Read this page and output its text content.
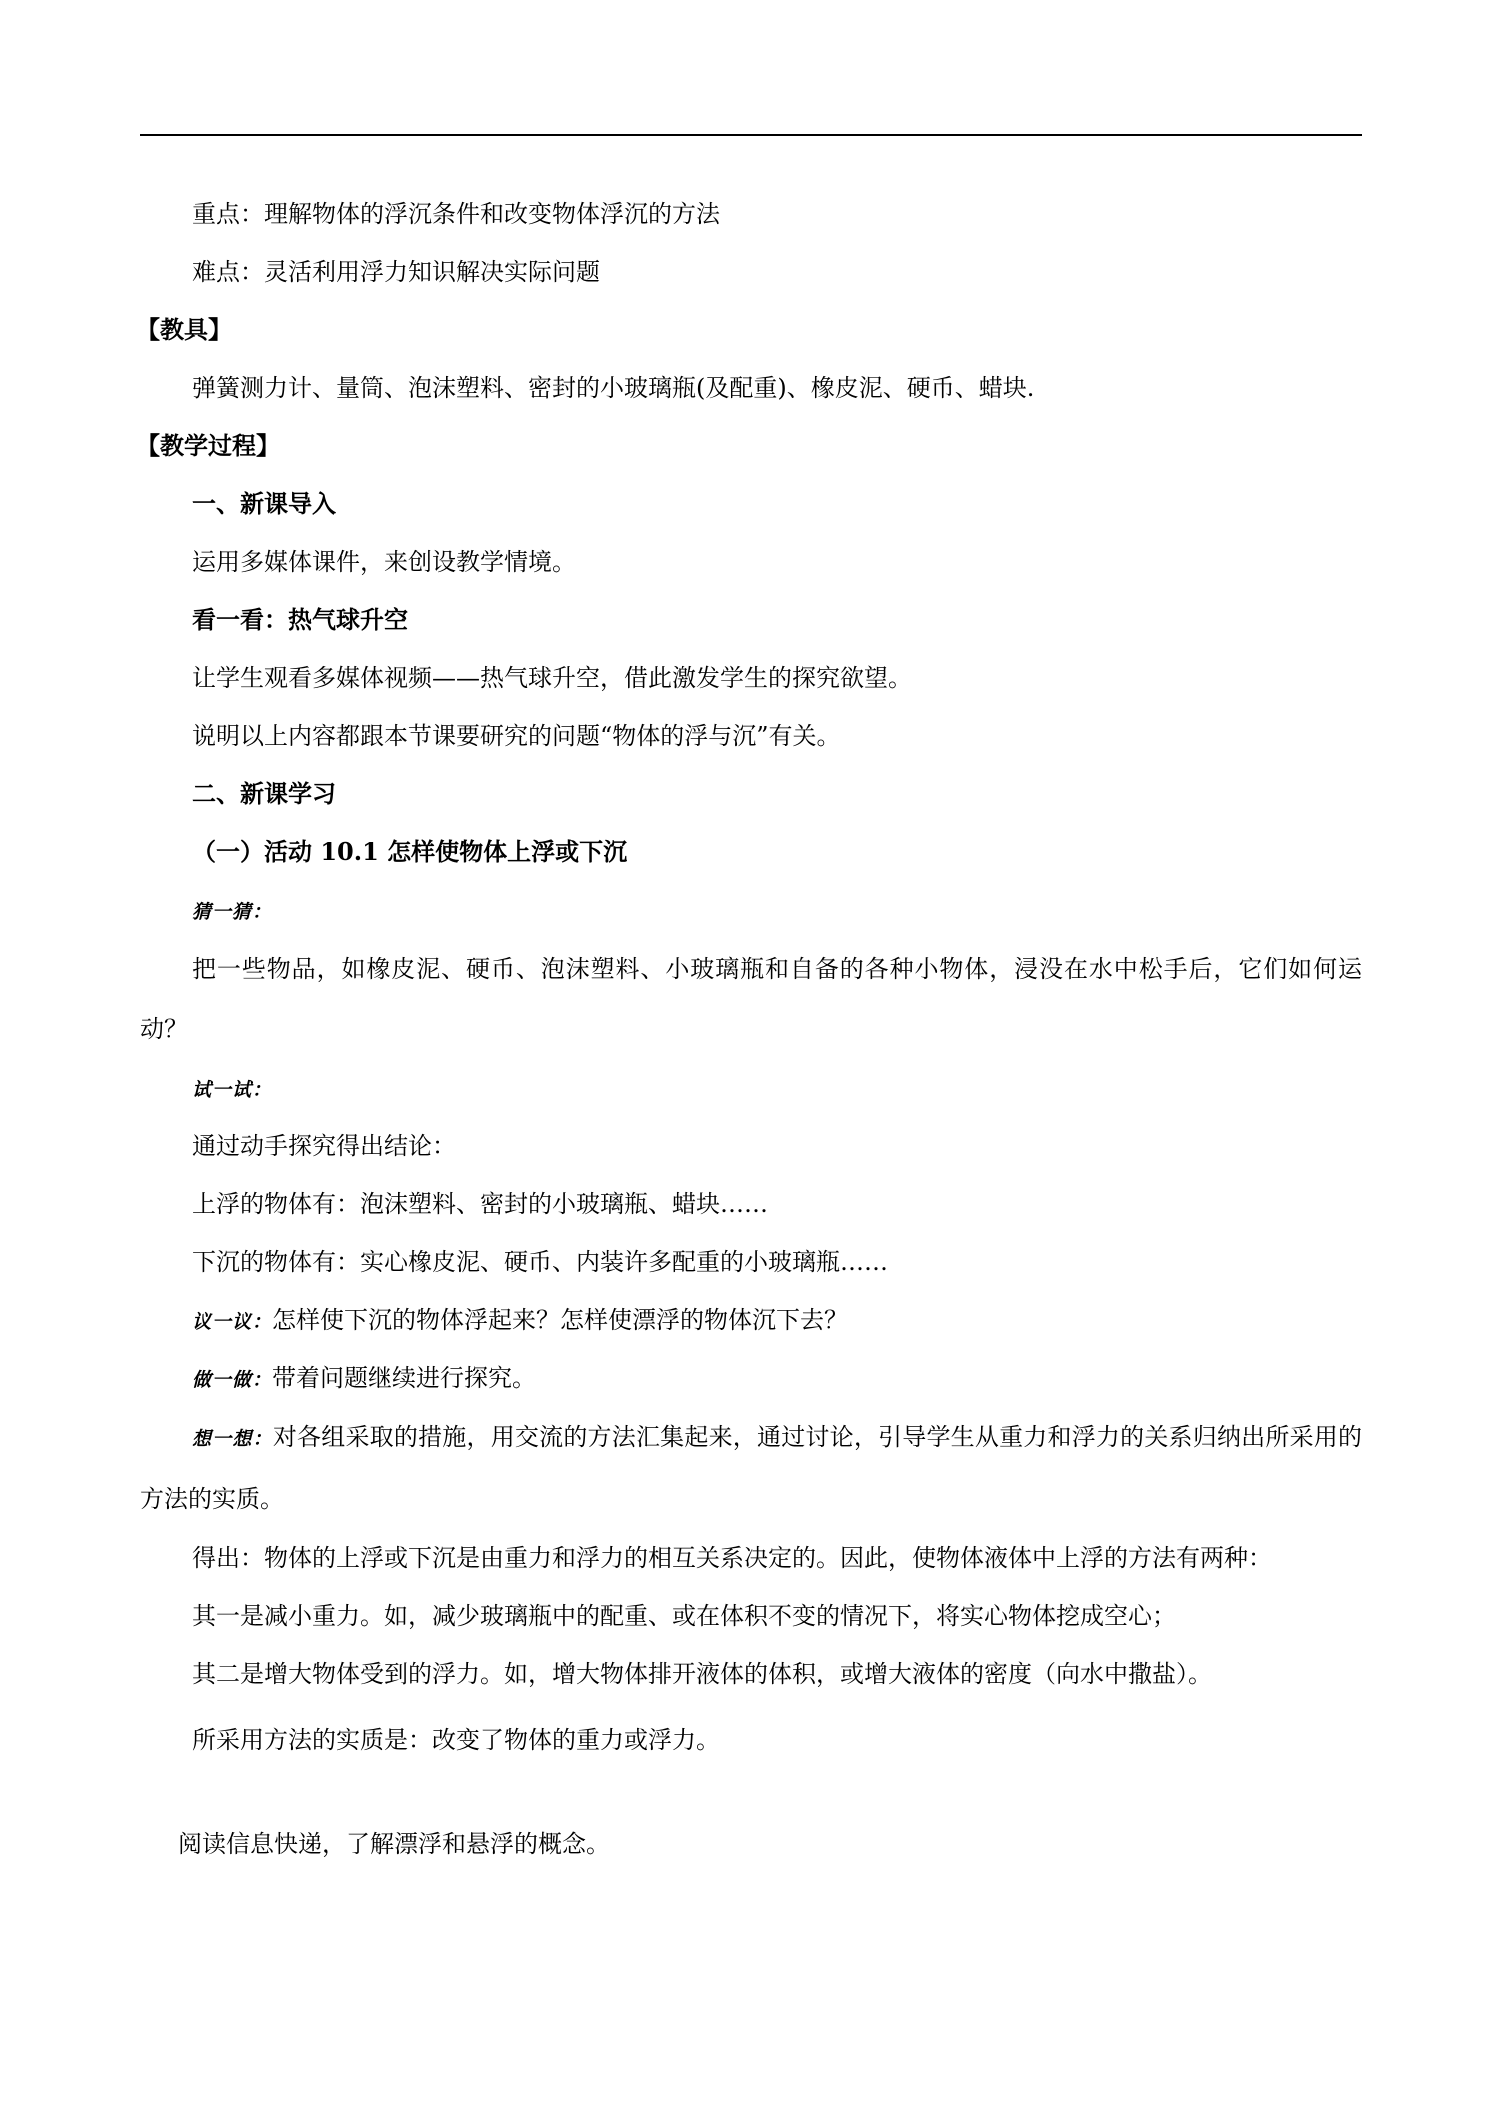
重点：理解物体的浮沉条件和改变物体浮沉的方法
难点：灵活利用浮力知识解决实际问题
【教具】
弹簧测力计、量筒、泡沫塑料、密封的小玻璃瓶(及配重)、橡皮泥、硬币、蜡块.
【教学过程】
一、新课导入
运用多媒体课件，来创设教学情境。
看一看：热气球升空
让学生观看多媒体视频——热气球升空，借此激发学生的探究欲望。
说明以上内容都跟本节课要研究的问题“物体的浮与沉”有关。
二、新课学习
（一）活动 10.1 怎样使物体上浮或下沉
猜一猜：
把一些物品，如橡皮泥、硬币、泡沫塑料、小玻璃瓶和自备的各种小物体，浸没在水中松手后，它们如何运动？
试一试：
通过动手探究得出结论：
上浮的物体有：泡沫塑料、密封的小玻璃瓶、蜡块……
下沉的物体有：实心橡皮泥、硬币、内装许多配重的小玻璃瓶……
议一议：怎样使下沉的物体浮起来？怎样使漂浮的物体沉下去？
做一做：带着问题继续进行探究。
想一想：对各组采取的措施，用交流的方法汇集起来，通过讨论，引导学生从重力和浮力的关系归纳出所采用的方法的实质。
得出：物体的上浮或下沉是由重力和浮力的相互关系决定的。因此，使物体液体中上浮的方法有两种：
其一是减小重力。如，减少玻璃瓶中的配重、或在体积不变的情况下，将实心物体挖成空心；
其二是增大物体受到的浮力。如，增大物体排开液体的体积，或增大液体的密度（向水中撒盐）。
所采用方法的实质是：改变了物体的重力或浮力。
阅读信息快递，了解漂浮和悬浮的概念。
